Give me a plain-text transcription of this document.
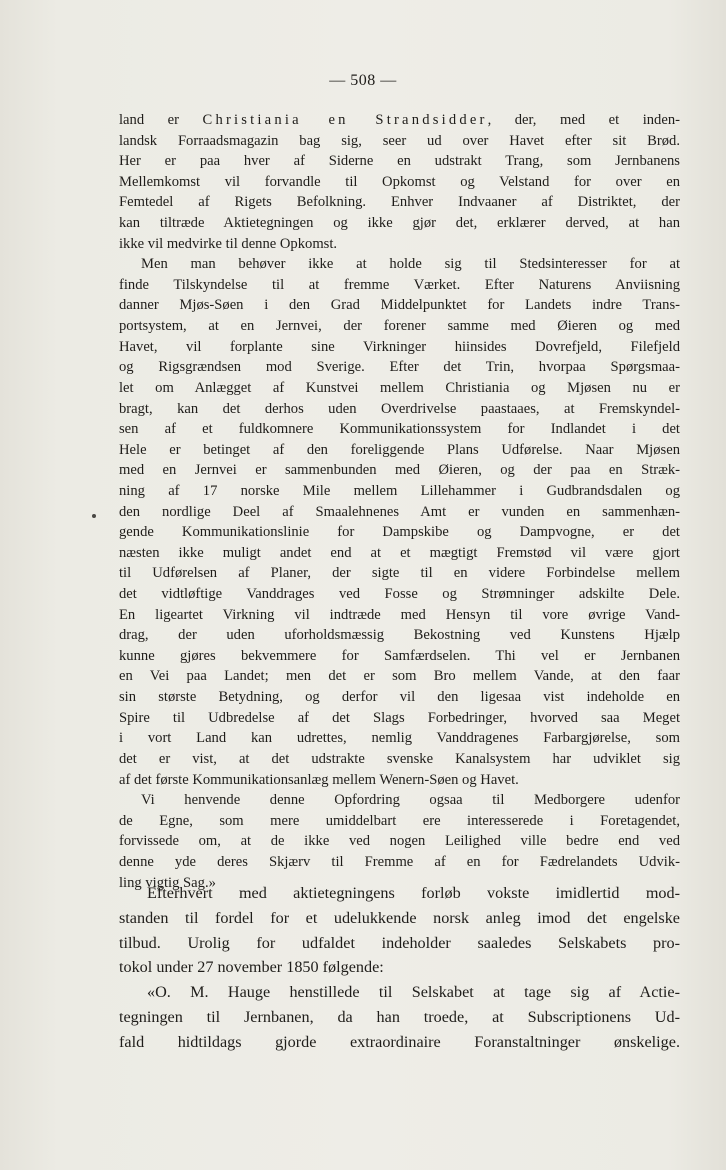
— 508 —
land er Christiania en Strandsidder, der, med et inden-
landsk Forraadsmagazin bag sig, seer ud over Havet efter sit Brød.
Her er paa hver af Siderne en udstrakt Trang, som Jernbanens
Mellemkomst vil forvandle til Opkomst og Velstand for over en
Femtedel af Rigets Befolkning. Enhver Indvaaner af Distriktet, der
kan tiltræde Aktietegningen og ikke gjør det, erklærer derved, at han
ikke vil medvirke til denne Opkomst.
Men man behøver ikke at holde sig til Stedsinteresser for at
finde Tilskyndelse til at fremme Værket. Efter Naturens Anviisning
danner Mjøs-Søen i den Grad Middelpunktet for Landets indre Trans-
portsystem, at en Jernvei, der forener samme med Øieren og med
Havet, vil forplante sine Virkninger hiinsides Dovrefjeld, Filefjeld
og Rigsgrændsen mod Sverige. Efter det Trin, hvorpaa Spørgsmaa-
let om Anlægget af Kunstvei mellem Christiania og Mjøsen nu er
bragt, kan det derhos uden Overdrivelse paastaaes, at Fremskyndel-
sen af et fuldkomnere Kommunikationssystem for Indlandet i det
Hele er betinget af den foreliggende Plans Udførelse. Naar Mjøsen
med en Jernvei er sammenbunden med Øieren, og der paa en Stræk-
ning af 17 norske Mile mellem Lillehammer i Gudbrandsdalen og
den nordlige Deel af Smaalehnenes Amt er vunden en sammenhæn-
gende Kommunikationslinie for Dampskibe og Dampvogne, er det
næsten ikke muligt andet end at et mægtigt Fremstød vil være gjort
til Udførelsen af Planer, der sigte til en videre Forbindelse mellem
det vidtløftige Vanddrages ved Fosse og Strømninger adskilte Dele.
En ligeartet Virkning vil indtræde med Hensyn til vore øvrige Vand-
drag, der uden uforholdsmæssig Bekostning ved Kunstens Hjælp
kunne gjøres bekvemmere for Samfærdselen. Thi vel er Jernbanen
en Vei paa Landet; men det er som Bro mellem Vande, at den faar
sin største Betydning, og derfor vil den ligesaa vist indeholde en
Spire til Udbredelse af det Slags Forbedringer, hvorved saa Meget
i vort Land kan udrettes, nemlig Vanddragenes Farbargjørelse, som
det er vist, at det udstrakte svenske Kanalsystem har udviklet sig
af det første Kommunikationsanlæg mellem Wenern-Søen og Havet.
Vi henvende denne Opfordring ogsaa til Medborgere udenfor
de Egne, som mere umiddelbart ere interesserede i Foretagendet,
forvissede om, at de ikke ved nogen Leilighed ville bedre end ved
denne yde deres Skjærv til Fremme af en for Fædrelandets Udvik-
ling vigtig Sag.»
Efterhvert med aktietegningens forløb vokste imidlertid mod-
standen til fordel for et udelukkende norsk anleg imod det engelske
tilbud. Urolig for udfaldet indeholder saaledes Selskabets pro-
tokol under 27 november 1850 følgende:
«O. M. Hauge henstillede til Selskabet at tage sig af Actie-
tegningen til Jernbanen, da han troede, at Subscriptionens Ud-
fald hidtildags gjorde extraordinaire Foranstaltninger ønskelige.
